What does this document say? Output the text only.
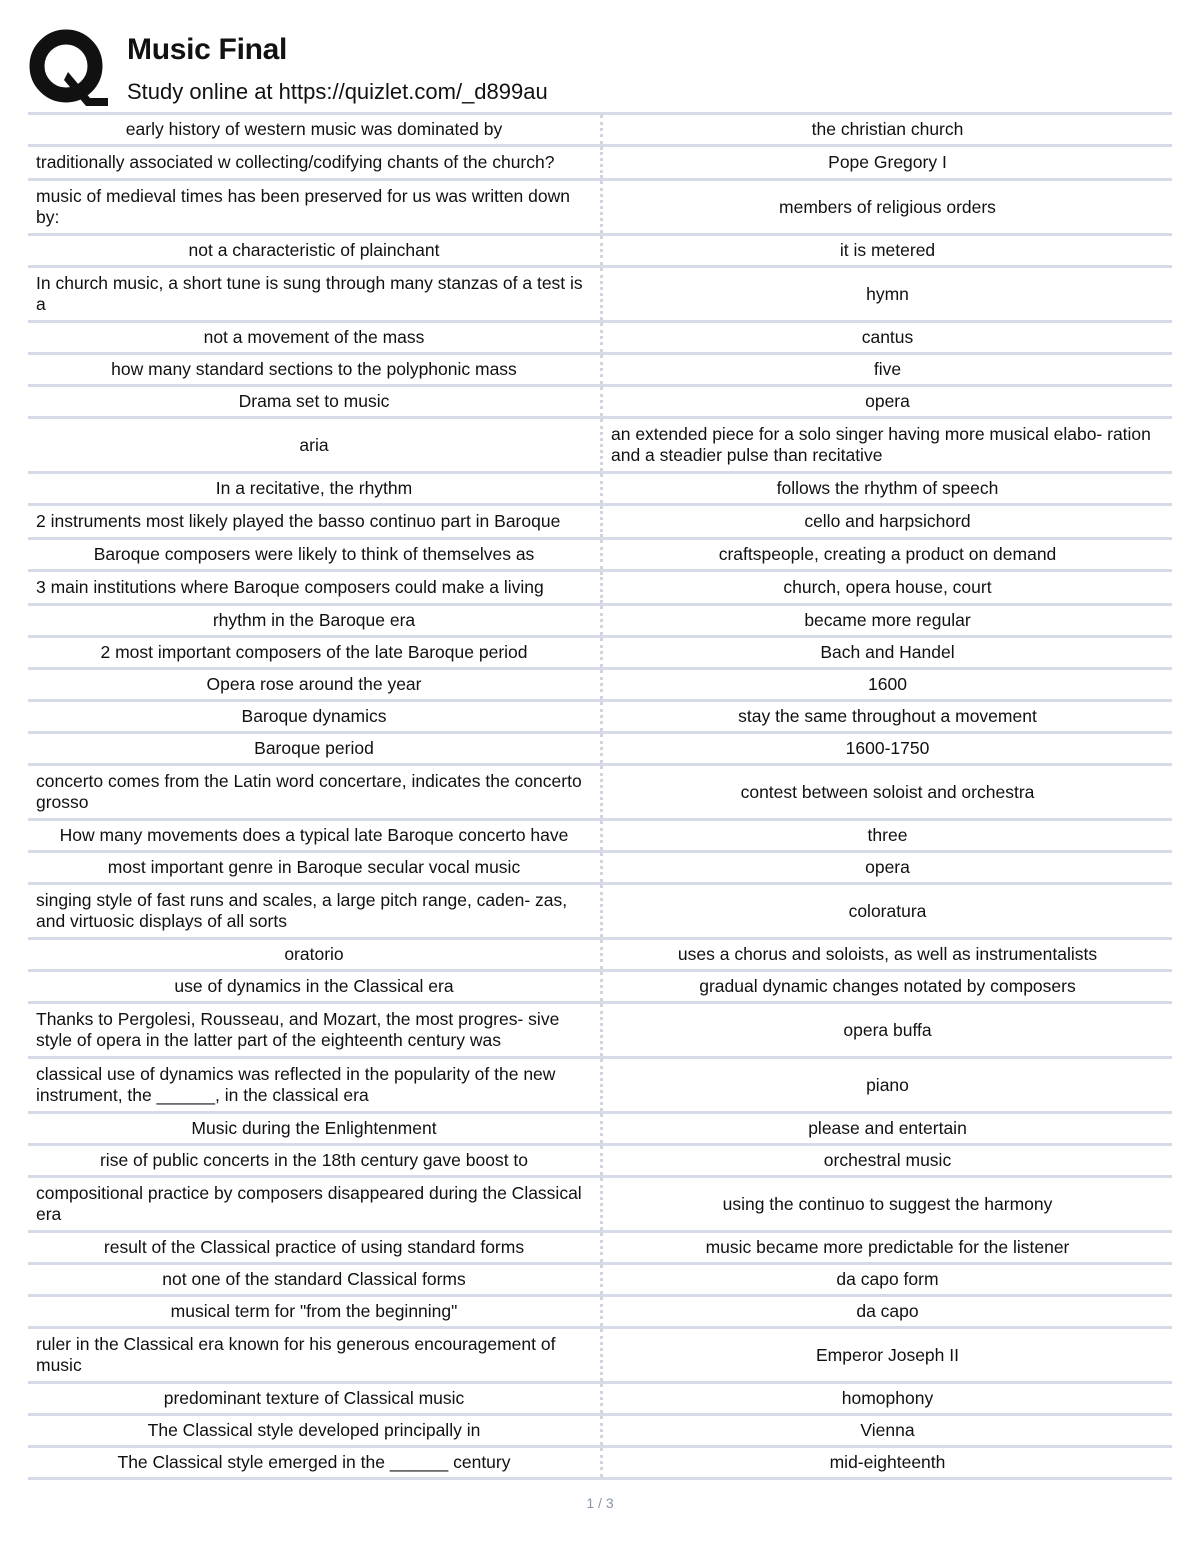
Music Final
Study online at https://quizlet.com/_d899au
early history of western music was dominated by	the christian church
traditionally associated w collecting/codifying chants of the church?	Pope Gregory I
music of medieval times has been preserved for us was written down by:	members of religious orders
not a characteristic of plainchant	it is metered
In church music, a short tune is sung through many stanzas of a test is a	hymn
not a movement of the mass	cantus
how many standard sections to the polyphonic mass	five
Drama set to music	opera
aria	an extended piece for a solo singer having more musical elabo- ration and a steadier pulse than recitative
In a recitative, the rhythm	follows the rhythm of speech
2 instruments most likely played the basso continuo part in Baroque	cello and harpsichord
Baroque composers were likely to think of themselves as	craftspeople, creating a product on demand
3 main institutions where Baroque composers could make a living	church, opera house, court
rhythm in the Baroque era	became more regular
2 most important composers of the late Baroque period	Bach and Handel
Opera rose around the year	1600
Baroque dynamics	stay the same throughout a movement
Baroque period	1600-1750
concerto comes from the Latin word concertare, indicates the concerto grosso	contest between soloist and orchestra
How many movements does a typical late Baroque concerto have	three
most important genre in Baroque secular vocal music	opera
singing style of fast runs and scales, a large pitch range, caden- zas, and virtuosic displays of all sorts	coloratura
oratorio	uses a chorus and soloists, as well as instrumentalists
use of dynamics in the Classical era	gradual dynamic changes notated by composers
Thanks to Pergolesi, Rousseau, and Mozart, the most progres- sive style of opera in the latter part of the eighteenth century was	opera buffa
classical use of dynamics was reflected in the popularity of the new instrument, the ______, in the classical era	piano
Music during the Enlightenment	please and entertain
rise of public concerts in the 18th century gave boost to	orchestral music
compositional practice by composers disappeared during the Classical era	using the continuo to suggest the harmony
result of the Classical practice of using standard forms	music became more predictable for the listener
not one of the standard Classical forms	da capo form
musical term for "from the beginning"	da capo
ruler in the Classical era known for his generous encouragement of music	Emperor Joseph II
predominant texture of Classical music	homophony
The Classical style developed principally in	Vienna
The Classical style emerged in the ______ century	mid-eighteenth
1 / 3
